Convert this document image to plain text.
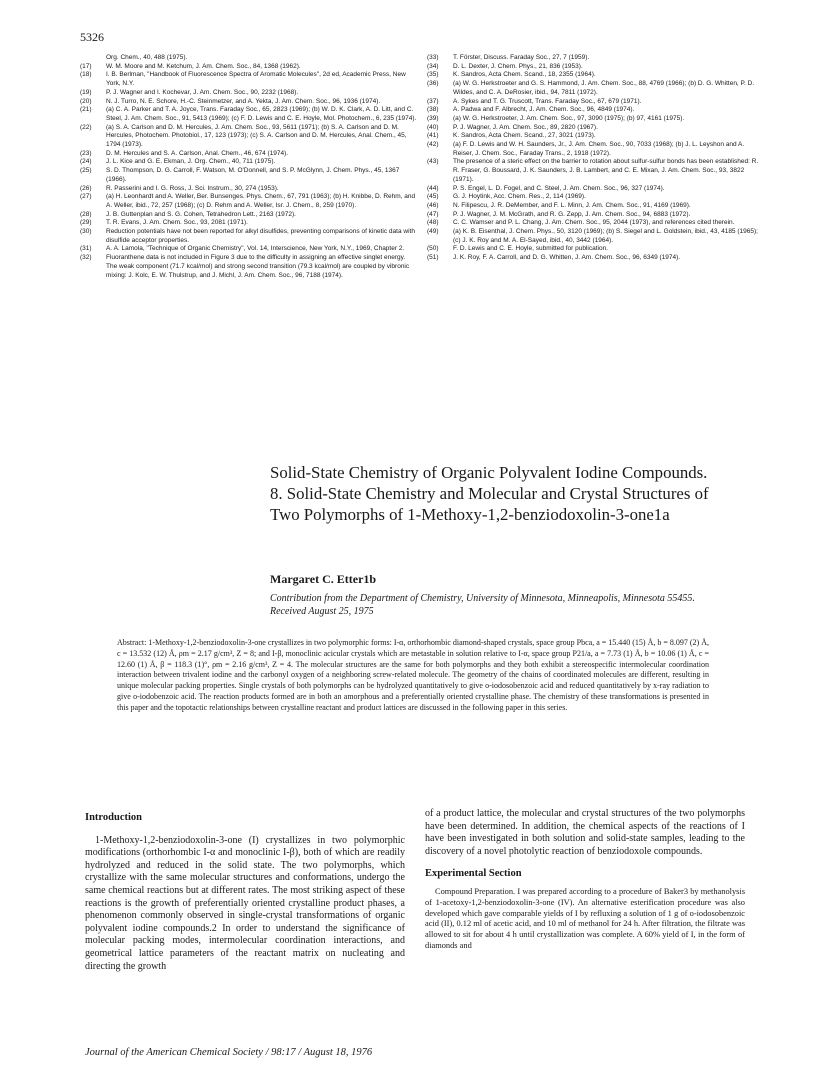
5326
Org. Chem., 40, 488 (1975).
(17)	W. M. Moore and M. Ketchum, J. Am. Chem. Soc., 84, 1368 (1962).
(18)	I. B. Berlman, "Handbook of Fluorescence Spectra of Aromatic Molecules", 2d ed, Academic Press, New York, N.Y.
(19)	P. J. Wagner and I. Kochevar, J. Am. Chem. Soc., 90, 2232 (1968).
(20)	N. J. Turro, N. E. Schore, H.-C. Steinmetzer, and A. Yekta, J. Am. Chem. Soc., 96, 1936 (1974).
(21)	(a) C. A. Parker and T. A. Joyce, Trans. Faraday Soc., 65, 2823 (1969); (b) W. D. K. Clark, A. D. Litt, and C. Steel, J. Am. Chem. Soc., 91, 5413 (1969); (c) F. D. Lewis and C. E. Hoyle, Mol. Photochem., 6, 235 (1974).
(22)	(a) S. A. Carlson and D. M. Hercules, J. Am. Chem. Soc., 93, 5611 (1971); (b) S. A. Carlson and D. M. Hercules, Photochem. Photobiol., 17, 123 (1973); (c) S. A. Carlson and D. M. Hercules, Anal. Chem., 45, 1794 (1973).
(23)	D. M. Hercules and S. A. Carlson, Anal. Chem., 46, 674 (1974).
(24)	J. L. Kice and G. E. Ekman, J. Org. Chem., 40, 711 (1975).
(25)	S. D. Thompson, D. G. Carroll, F. Watson, M. O'Donnell, and S. P. McGlynn, J. Chem. Phys., 45, 1367 (1966).
(26)	R. Passerini and I. G. Ross, J. Sci. Instrum., 30, 274 (1953).
(27)	(a) H. Leonhardt and A. Weller, Ber. Bunsenges. Phys. Chem., 67, 791 (1963); (b) H. Knibbe, D. Rehm, and A. Weller, ibid., 72, 257 (1968); (c) D. Rehm and A. Weller, Isr. J. Chem., 8, 259 (1970).
(28)	J. B. Guttenplan and S. G. Cohen, Tetrahedron Lett., 2163 (1972).
(29)	T. R. Evans, J. Am. Chem. Soc., 93, 2081 (1971).
(30)	Reduction potentials have not been reported for alkyl disulfides, preventing comparisons of kinetic data with disulfide acceptor properties.
(31)	A. A. Lamola, "Technique of Organic Chemistry", Vol. 14, Interscience, New York, N.Y., 1969, Chapter 2.
(32)	Fluoranthene data is not included in Figure 3 due to the difficulty in assigning an effective singlet energy. The weak component (71.7 kcal/mol) and strong second transition (79.3 kcal/mol) are coupled by vibronic mixing: J. Kolc, E. W. Thulstrup, and J. Michl, J. Am. Chem. Soc., 96, 7188 (1974).
(33)	T. Förster, Discuss. Faraday Soc., 27, 7 (1959).
(34)	D. L. Dexter, J. Chem. Phys., 21, 836 (1953).
(35)	K. Sandros, Acta Chem. Scand., 18, 2355 (1964).
(36)	(a) W. G. Herkstroeter and G. S. Hammond, J. Am. Chem. Soc., 88, 4769 (1966); (b) D. G. Whitten, P. D. Wildes, and C. A. DeRosier, ibid., 94, 7811 (1972).
(37)	A. Sykes and T. G. Truscott, Trans. Faraday Soc., 67, 679 (1971).
(38)	A. Padwa and F. Albrecht, J. Am. Chem. Soc., 96, 4849 (1974).
(39)	(a) W. G. Herkstroeter, J. Am. Chem. Soc., 97, 3090 (1975); (b) 97, 4161 (1975).
(40)	P. J. Wagner, J. Am. Chem. Soc., 89, 2820 (1967).
(41)	K. Sandros, Acta Chem. Scand., 27, 3021 (1973).
(42)	(a) F. D. Lewis and W. H. Saunders, Jr., J. Am. Chem. Soc., 90, 7033 (1968); (b) J. L. Leyshon and A. Reiser, J. Chem. Soc., Faraday Trans., 2, 1918 (1972).
(43)	The presence of a steric effect on the barrier to rotation about sulfur-sulfur bonds has been established: R. R. Fraser, G. Boussard, J. K. Saunders, J. B. Lambert, and C. E. Mixan, J. Am. Chem. Soc., 93, 3822 (1971).
(44)	P. S. Engel, L. D. Fogel, and C. Steel, J. Am. Chem. Soc., 96, 327 (1974).
(45)	G. J. Hoytink, Acc. Chem. Res., 2, 114 (1969).
(46)	N. Filipescu, J. R. DeMember, and F. L. Minn, J. Am. Chem. Soc., 91, 4169 (1969).
(47)	P. J. Wagner, J. M. McGrath, and R. G. Zepp, J. Am. Chem. Soc., 94, 6883 (1972).
(48)	C. C. Wamser and P. L. Chang, J. Am. Chem. Soc., 95, 2044 (1973), and references cited therein.
(49)	(a) K. B. Eisenthal, J. Chem. Phys., 50, 3120 (1969); (b) S. Siegel and L. Goldstein, ibid., 43, 4185 (1965); (c) J. K. Roy and M. A. El-Sayed, ibid., 40, 3442 (1964).
(50)	F. D. Lewis and C. E. Hoyle, submitted for publication.
(51)	J. K. Roy, F. A. Carroll, and D. G. Whitten, J. Am. Chem. Soc., 96, 6349 (1974).
Solid-State Chemistry of Organic Polyvalent Iodine Compounds. 8. Solid-State Chemistry and Molecular and Crystal Structures of Two Polymorphs of 1-Methoxy-1,2-benziodoxolin-3-one1a
Margaret C. Etter1b
Contribution from the Department of Chemistry, University of Minnesota, Minneapolis, Minnesota 55455. Received August 25, 1975
Abstract: 1-Methoxy-1,2-benziodoxolin-3-one crystallizes in two polymorphic forms: I-α, orthorhombic diamond-shaped crystals, space group Pbca, a = 15.440 (15) Å, b = 8.097 (2) Å, c = 13.532 (12) Å, ρm = 2.17 g/cm³, Z = 8; and I-β, monoclinic acicular crystals which are metastable in solution relative to I-α, space group P21/a, a = 7.73 (1) Å, b = 10.06 (1) Å, c = 12.60 (1) Å, β = 118.3 (1)°, ρm = 2.16 g/cm³, Z = 4. The molecular structures are the same for both polymorphs and they both exhibit a stereospecific intermolecular coordination interaction between trivalent iodine and the carbonyl oxygen of a neighboring screw-related molecule. The geometry of the chains of coordinated molecules are different, resulting in unique molecular packing properties. Single crystals of both polymorphs can be hydrolyzed quantitatively to give o-iodosobenzoic acid and reduced quantitatively by x-ray radiation to give o-iodobenzoic acid. The reaction products formed are in both an amorphous and a preferentially oriented crystalline phase. The chemistry of these transformations is presented in this paper and the topotactic relationships between crystalline reactant and product lattices are discussed in the following paper in this series.
Introduction

1-Methoxy-1,2-benziodoxolin-3-one (I) crystallizes in two polymorphic modifications (orthorhombic I-α and monoclinic I-β), both of which are readily hydrolyzed and reduced in the solid state. The two polymorphs, which crystallize with the same molecular structures and conformations, undergo the same chemical reactions but at different rates. The most striking aspect of these reactions is the growth of preferentially oriented crystalline product phases, a phenomenon commonly observed in single-crystal transformations of organic polyvalent iodine compounds.2 In order to understand the significance of molecular packing modes, intermolecular coordination interactions, and geometrical lattice parameters of the reactant matrix on nucleating and directing the growth

of a product lattice, the molecular and crystal structures of the two polymorphs have been determined. In addition, the chemical aspects of the reactions of I have been investigated in both solution and solid-state samples, leading to the discovery of a novel photolytic reaction of benziodoxole compounds.

Experimental Section

Compound Preparation. I was prepared according to a procedure of Baker3 by methanolysis of 1-acetoxy-1,2-benziodoxolin-3-one (IV). An alternative esterification procedure was also developed which gave comparable yields of I by refluxing a solution of 1 g of o-iodosobenzoic acid (II), 0.12 ml of acetic acid, and 10 ml of methanol for 24 h. After filtration, the filtrate was allowed to sit for about 4 h until crystallization was complete. A 60% yield of I, in the form of diamonds and

Journal of the American Chemical Society / 98:17 / August 18, 1976
